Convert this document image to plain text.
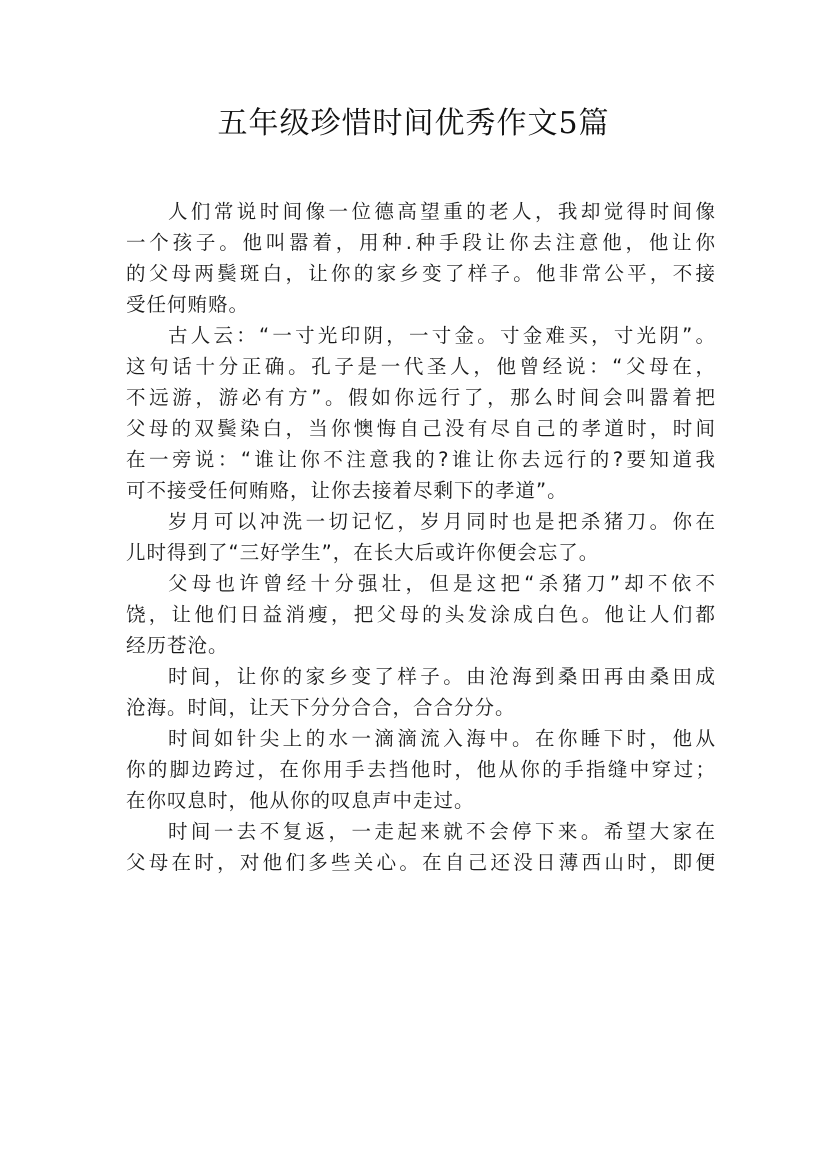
五年级珍惜时间优秀作文5篇
人们常说时间像一位德高望重的老人，我却觉得时间像
一个孩子。他叫嚣着，用种.种手段让你去注意他，他让你
的父母两鬓斑白，让你的家乡变了样子。他非常公平，不接
受任何贿赂。
古人云：“一寸光印阴，一寸金。寸金难买，寸光阴”。
这句话十分正确。孔子是一代圣人，他曾经说：“父母在，
不远游，游必有方”。假如你远行了，那么时间会叫嚣着把
父母的双鬓染白，当你懊悔自己没有尽自己的孝道时，时间
在一旁说：“谁让你不注意我的?谁让你去远行的?要知道我
可不接受任何贿赂，让你去接着尽剩下的孝道”。
岁月可以冲洗一切记忆，岁月同时也是把杀猪刀。你在
儿时得到了“三好学生”，在长大后或许你便会忘了。
父母也许曾经十分强壮，但是这把“杀猪刀”却不依不
饶，让他们日益消瘦，把父母的头发涂成白色。他让人们都
经历苍沧。
时间，让你的家乡变了样子。由沧海到桑田再由桑田成
沧海。时间，让天下分分合合，合合分分。
时间如针尖上的水一滴滴流入海中。在你睡下时，他从
你的脚边跨过，在你用手去挡他时，他从你的手指缝中穿过；
在你叹息时，他从你的叹息声中走过。
时间一去不复返，一走起来就不会停下来。希望大家在
父母在时，对他们多些关心。在自己还没日薄西山时，即便
